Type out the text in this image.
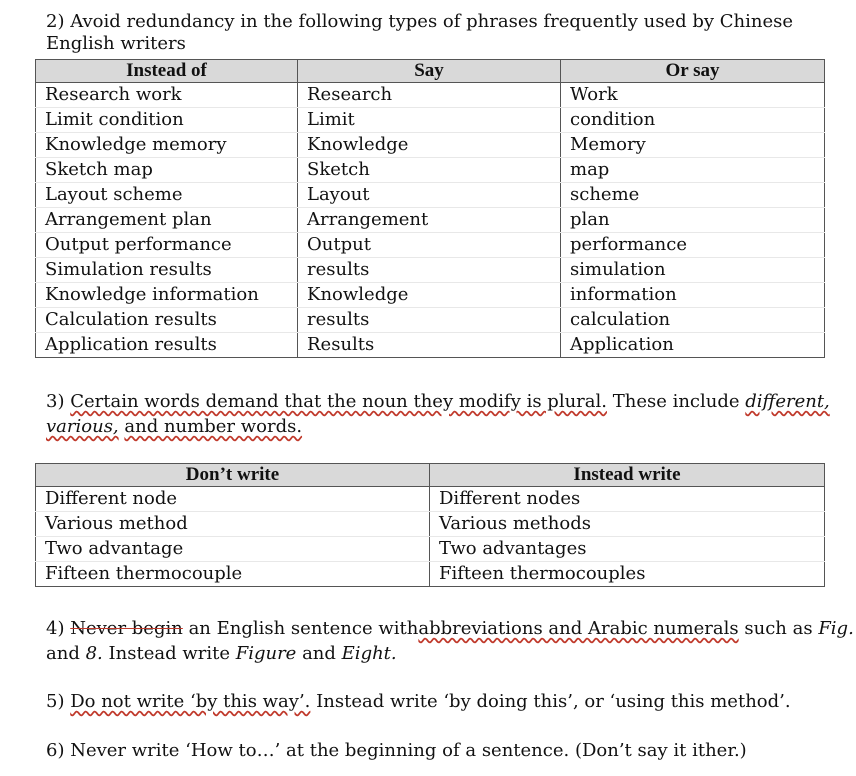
2) Avoid redundancy in the following types of phrases frequently used by Chinese
English writers
Instead of	Say	Or say
Research work	Research	Work
Limit condition	Limit	condition
Knowledge memory	Knowledge	Memory
Sketch map	Sketch	map
Layout scheme	Layout	scheme
Arrangement plan	Arrangement	plan
Output performance	Output	performance
Simulation results	results	simulation
Knowledge information	Knowledge	information
Calculation results	results	calculation
Application results	Results	Application
3) Certain words demand that the noun they modify is plural. These include different,
various, and number words.
Don’t write	Instead write
Different node	Different nodes
Various method	Various methods
Two advantage	Two advantages
Fifteen thermocouple	Fifteen thermocouples
4) Never begin an English sentence withabbreviations and Arabic numerals such as Fig.
and 8. Instead write Figure and Eight.
5) Do not write ‘by this way’. Instead write ‘by doing this’, or ‘using this method’.
6) Never write ‘How to…’ at the beginning of a sentence. (Don’t say it ither.)
